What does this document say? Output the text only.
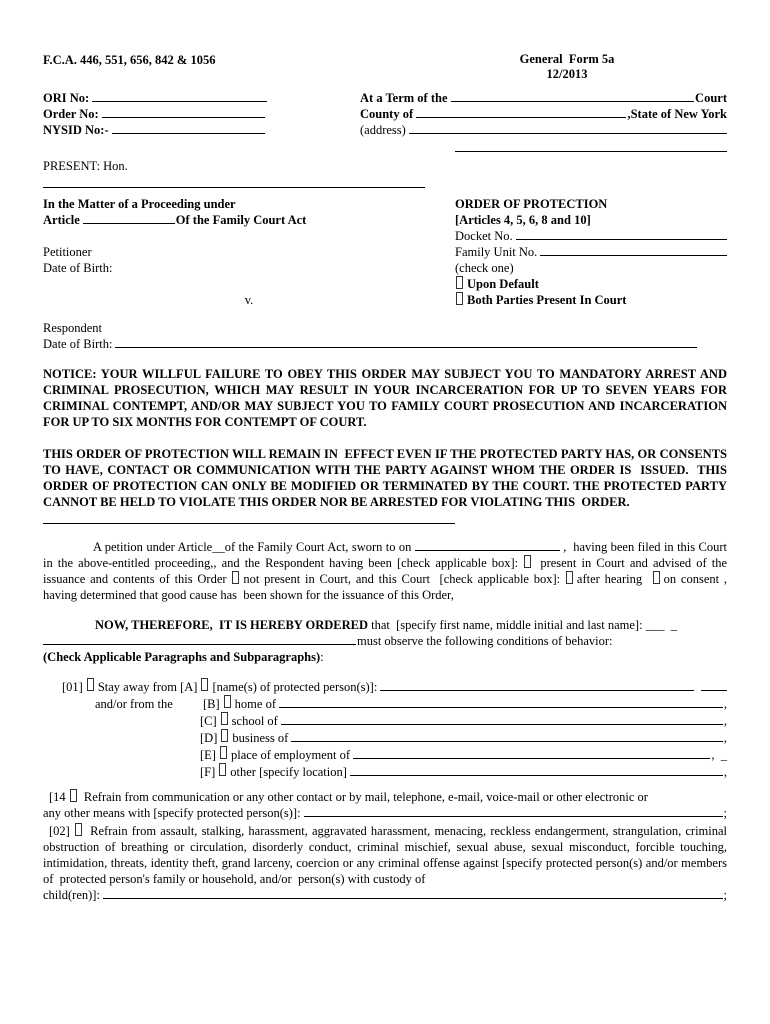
F.C.A. 446, 551, 656, 842 & 1056	General  Form 5a
12/2013
ORI No:
Order No:
NYSID No:-
At a Term of the	Court
County of	,State of New York
(address)
PRESENT: Hon.
In the Matter of a Proceeding under
Article	Of the Family Court Act
Petitioner
Date of Birth:
v.
ORDER OF PROTECTION
[Articles 4, 5, 6, 8 and 10]
Docket No.
Family Unit No.
(check one)
Upon Default
Both Parties Present In Court
Respondent
Date of Birth:

NOTICE: YOUR WILLFUL FAILURE TO OBEY THIS ORDER MAY SUBJECT YOU TO MANDATORY ARREST AND CRIMINAL PROSECUTION, WHICH MAY RESULT IN YOUR INCARCERATION FOR UP TO SEVEN YEARS FOR CRIMINAL CONTEMPT, AND/OR MAY SUBJECT YOU TO FAMILY COURT PROSECUTION AND INCARCERATION  FOR UP TO SIX MONTHS FOR CONTEMPT OF COURT.

THIS ORDER OF PROTECTION WILL REMAIN IN  EFFECT EVEN IF THE PROTECTED PARTY HAS, OR CONSENTS TO HAVE, CONTACT OR COMMUNICATION WITH THE PARTY AGAINST WHOM THE ORDER IS  ISSUED.  THIS ORDER OF PROTECTION CAN ONLY BE MODIFIED OR TERMINATED BY THE COURT. THE PROTECTED PARTY CANNOT BE HELD TO VIOLATE THIS ORDER NOR BE ARRESTED FOR VIOLATING THIS  ORDER.

A petition under Article__of the Family Court Act, sworn to on	,  having been filed in this Court in the above-entitled proceeding,, and the Respondent having been [check applicable box]:  present in Court and advised of the issuance and contents of this Order not present in Court, and this Court  [check applicable box]: after hearing  on consent , having determined that good cause has  been shown for the issuance of this Order,

NOW, THEREFORE,  IT IS HEREBY ORDERED that  [specify first name, middle initial and last name]: ___  _

must observe the following conditions of behavior:

(Check Applicable Paragraphs and Subparagraphs):

[01] Stay away from [A] [name(s) of protected person(s)]:
and/or from the	[B] home of	,
[C] school of	,
[D] business of	,
[E] place of employment of	,  _
[F] other [specify location]	,

[14 Refrain from communication or any other contact or by mail, telephone, e-mail, voice-mail or other electronic or

any other means with [specify protected person(s)]:	;

[02] Refrain from assault, stalking, harassment, aggravated harassment, menacing, reckless endangerment, strangulation, criminal obstruction of breathing or circulation, disorderly conduct, criminal mischief, sexual abuse, sexual misconduct, forcible touching, intimidation, threats, identity theft, grand larceny, coercion or any criminal offense against [specify protected person(s) and/or members of  protected person's family or household, and/or  person(s) with custody of

child(ren)]:	;
